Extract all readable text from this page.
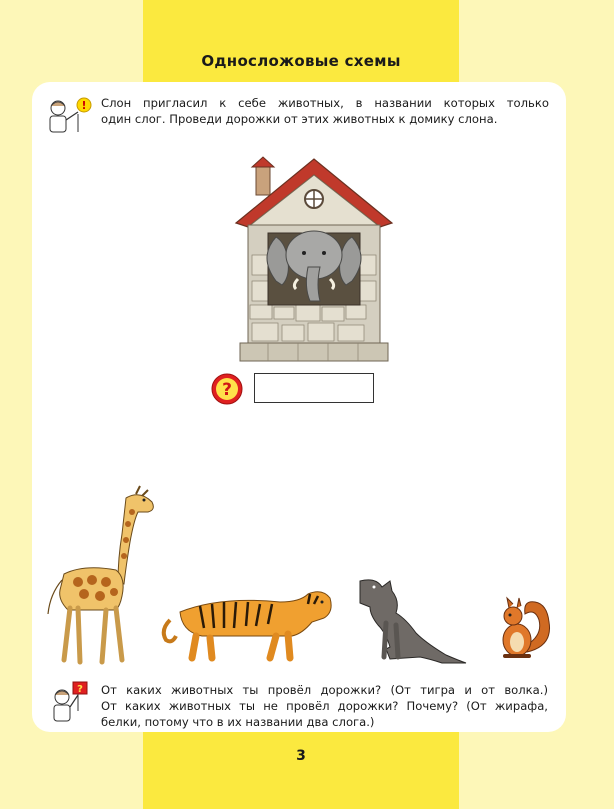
Односложовые схемы
! Слон пригласил к себе животных, в названии которых только
один слог. Проведи дорожки от этих животных к домику слона.
?
? От каких животных ты провёл дорожки? (От тигра и от волка.)
От каких животных ты не провёл дорожки? Почему? (От жирафа,
белки, потому что в их названии два слога.)
3
